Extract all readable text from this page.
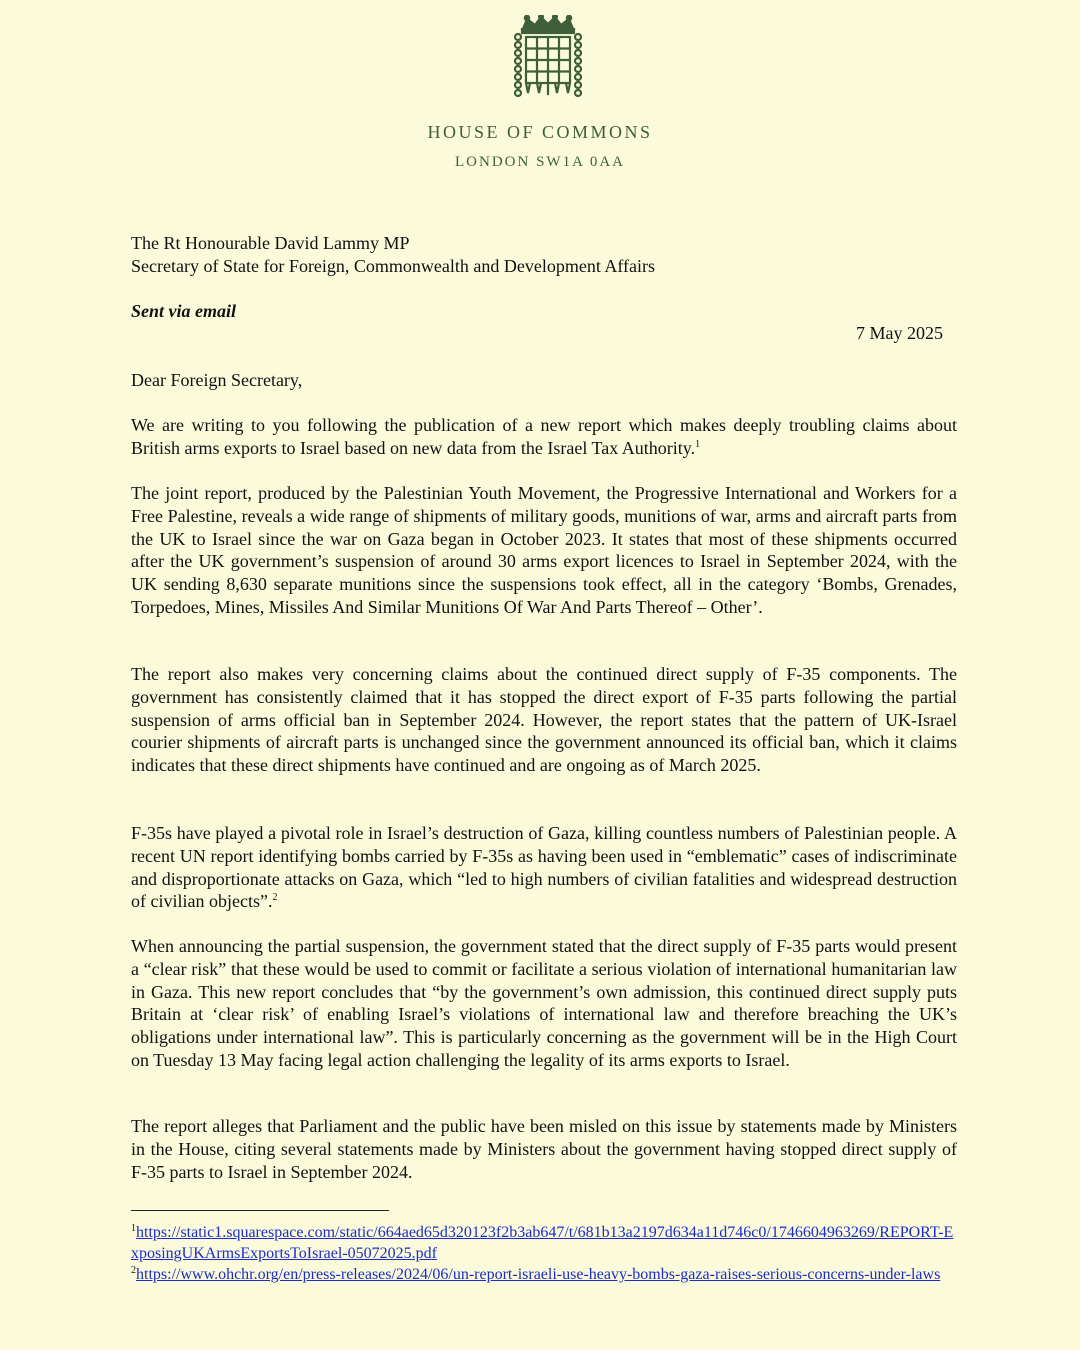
HOUSE OF COMMONS
LONDON SW1A 0AA
The Rt Honourable David Lammy MP
Secretary of State for Foreign, Commonwealth and Development Affairs
Sent via email
7 May 2025
Dear Foreign Secretary,
We are writing to you following the publication of a new report which makes deeply troubling claims about British arms exports to Israel based on new data from the Israel Tax Authority.$^1$
The joint report, produced by the Palestinian Youth Movement, the Progressive International and Workers for a Free Palestine, reveals a wide range of shipments of military goods, munitions of war, arms and aircraft parts from the UK to Israel since the war on Gaza began in October 2023. It states that most of these shipments occurred after the UK government’s suspension of around 30 arms export licences to Israel in September 2024, with the UK sending 8,630 separate munitions since the suspensions took effect, all in the category ‘Bombs, Grenades, Torpedoes, Mines, Missiles And Similar Munitions Of War And Parts Thereof – Other’.
The report also makes very concerning claims about the continued direct supply of F-35 components. The government has consistently claimed that it has stopped the direct export of F-35 parts following the partial suspension of arms official ban in September 2024. However, the report states that the pattern of UK-Israel courier shipments of aircraft parts is unchanged since the government announced its official ban, which it claims indicates that these direct shipments have continued and are ongoing as of March 2025.
F-35s have played a pivotal role in Israel’s destruction of Gaza, killing countless numbers of Palestinian people. A recent UN report identifying bombs carried by F-35s as having been used in “emblematic” cases of indiscriminate and disproportionate attacks on Gaza, which “led to high numbers of civilian fatalities and widespread destruction of civilian objects”.$^2$
When announcing the partial suspension, the government stated that the direct supply of F-35 parts would present a “clear risk” that these would be used to commit or facilitate a serious violation of international humanitarian law in Gaza. This new report concludes that “by the government’s own admission, this continued direct supply puts Britain at ‘clear risk’ of enabling Israel’s violations of international law and therefore breaching the UK’s obligations under international law”. This is particularly concerning as the government will be in the High Court on Tuesday 13 May facing legal action challenging the legality of its arms exports to Israel.
The report alleges that Parliament and the public have been misled on this issue by statements made by Ministers in the House, citing several statements made by Ministers about the government having stopped direct supply of F-35 parts to Israel in September 2024.
$^1$https://static1.squarespace.com/static/664aed65d320123f2b3ab647/t/681b13a2197d634a11d746c0/1746604963269/REPORT-ExposingUKArmsExportsToIsrael-05072025.pdf
$^2$https://www.ohchr.org/en/press-releases/2024/06/un-report-israeli-use-heavy-bombs-gaza-raises-serious-concerns-under-laws
